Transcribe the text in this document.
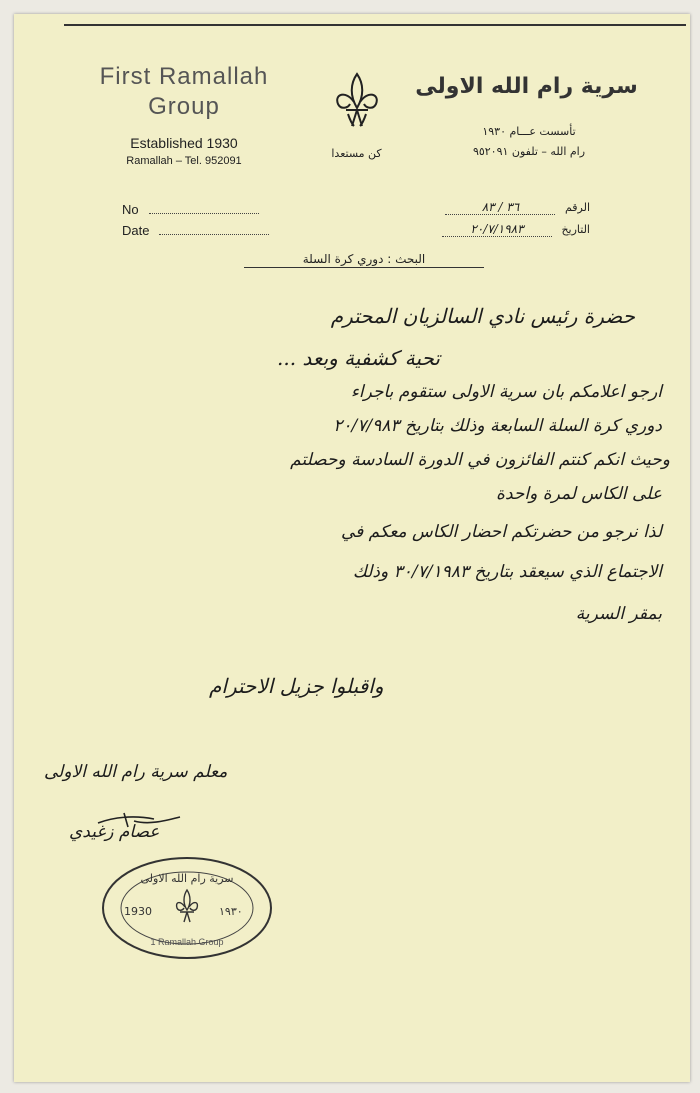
First Ramallah
Group
Established 1930
Ramallah – Tel. 952091
كن مستعدا
سرية رام الله الاولى
تأسست عـــام ١٩٣٠
رام الله – تلفون ٩٥٢٠٩١
No
Date
الرقم ٣٦ / ٨٣
التاريخ ٢٠/٧/١٩٨٣
البحث : دوري كرة السلة
حضرة رئيس نادي السالزيان المحترم
تحية كشفية وبعد ...
ارجو اعلامكم بان سرية الاولى ستقوم باجراء
دوري كرة السلة السابعة وذلك بتاريخ ٢٠/٧/٩٨٣
وحيث انكم كنتم الفائزون في الدورة السادسة وحصلتم
على الكاس لمرة واحدة
لذا نرجو من حضرتكم احضار الكاس معكم في
الاجتماع الذي سيعقد بتاريخ ٣٠/٧/١٩٨٣ وذلك
بمقر السرية
واقبلوا جزيل الاحترام
معلم سرية رام الله الاولى
عصام زغيدي
سرية رام الله الاولى
1930	١٩٣٠
1 Ramallah Group
